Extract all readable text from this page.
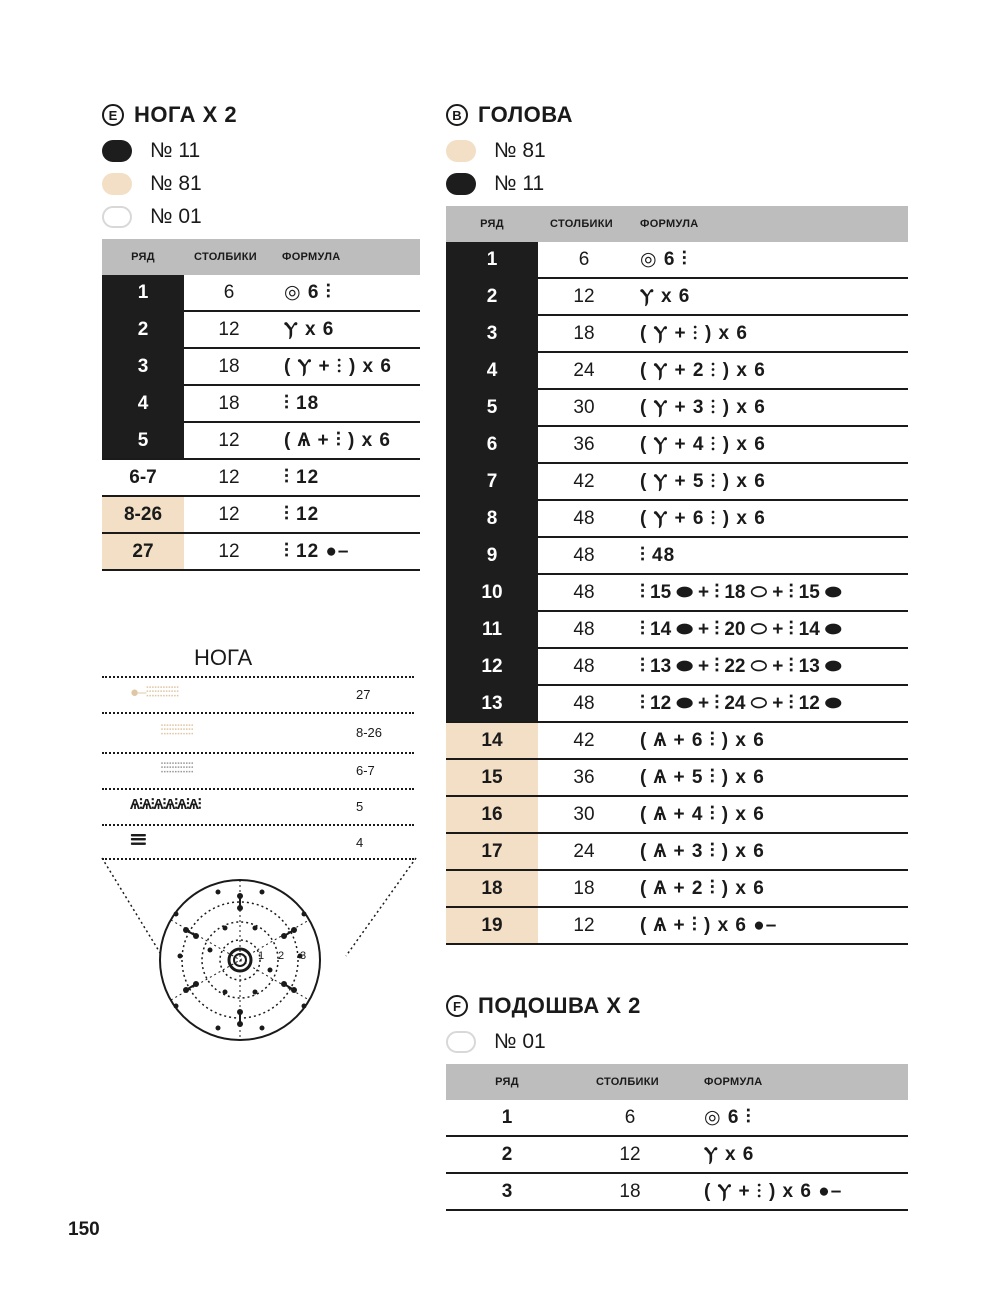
E НОГА X 2
№ 11
№ 81
№ 01
РЯД	СТОЛБИКИ	ФОРМУЛА
1	6	◎ 6 ⫶
2	12	Ⲩ x 6
3	18	( Ⲩ + ⫶ ) x 6
4	18	⫶ 18
5	12	( Ѧ + ⫶ ) x 6
6-7	12	⫶ 12
8-26	12	⫶ 12
27	12	⫶ 12 ●–
НОГА
●–⫶⫶⫶⫶⫶⫶⫶⫶⫶⫶⫶⫶	27
⫶⫶⫶⫶⫶⫶⫶⫶⫶⫶⫶⫶	8-26
⫶⫶⫶⫶⫶⫶⫶⫶⫶⫶⫶⫶	6-7
Ѧ⫶Ѧ⫶Ѧ⫶Ѧ⫶Ѧ⫶Ѧ⫶	5
⫶⫶⫶⫶⫶⫶⫶⫶⫶⫶⫶⫶⫶⫶⫶⫶⫶⫶	4
1 2 3
B ГОЛОВА
№ 81
№ 11
РЯД	СТОЛБИКИ	ФОРМУЛА
1	6	◎ 6 ⫶
2	12	Ⲩ x 6
3	18	( Ⲩ + ⫶ ) x 6
4	24	( Ⲩ + 2 ⫶ ) x 6
5	30	( Ⲩ + 3 ⫶ ) x 6
6	36	( Ⲩ + 4 ⫶ ) x 6
7	42	( Ⲩ + 5 ⫶ ) x 6
8	48	( Ⲩ + 6 ⫶ ) x 6
9	48	⫶ 48
10	48	⫶ 15 ⬬ + ⫶ 18 ⬭ + ⫶ 15 ⬬
11	48	⫶ 14 ⬬ + ⫶ 20 ⬭ + ⫶ 14 ⬬
12	48	⫶ 13 ⬬ + ⫶ 22 ⬭ + ⫶ 13 ⬬
13	48	⫶ 12 ⬬ + ⫶ 24 ⬭ + ⫶ 12 ⬬
14	42	( Ѧ + 6 ⫶ ) x 6
15	36	( Ѧ + 5 ⫶ ) x 6
16	30	( Ѧ + 4 ⫶ ) x 6
17	24	( Ѧ + 3 ⫶ ) x 6
18	18	( Ѧ + 2 ⫶ ) x 6
19	12	( Ѧ + ⫶ ) x 6 ●–
F ПОДОШВА X 2
№ 01
РЯД	СТОЛБИКИ	ФОРМУЛА
1	6	◎ 6 ⫶
2	12	Ⲩ x 6
3	18	( Ⲩ + ⫶ ) x 6 ●–
150
